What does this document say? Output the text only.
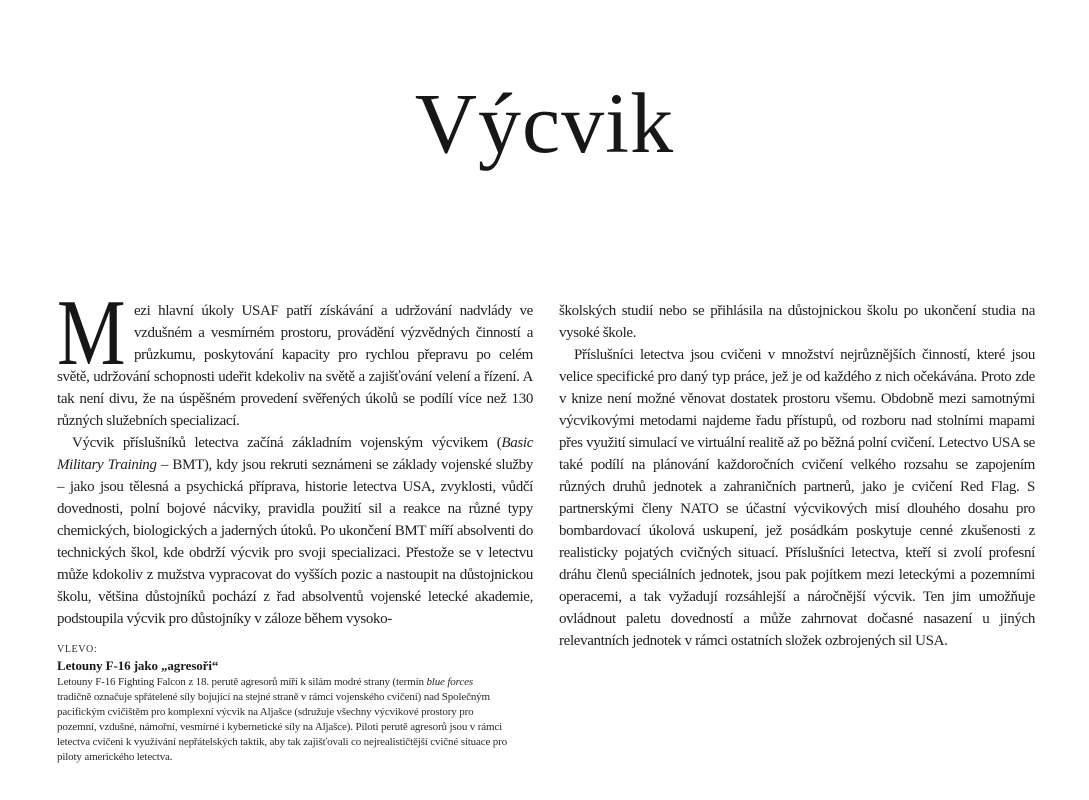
Výcvik

Mezi hlavní úkoly USAF patří získávání a udržování nadvlády ve vzdušném a vesmírném prostoru, provádění výzvědných činností a průzkumu, poskytování kapacity pro rychlou přepravu po celém světě, udržování schopnosti udeřit kdekoliv na světě a zajišťování velení a řízení. A tak není divu, že na úspěšném provedení svěřených úkolů se podílí více než 130 různých služebních specializací.

Výcvik příslušníků letectva začíná základním vojenským výcvikem (Basic Military Training – BMT), kdy jsou rekruti seznámeni se základy vojenské služby – jako jsou tělesná a psychická příprava, historie letectva USA, zvyklosti, vůdčí dovednosti, polní bojové nácviky, pravidla použití sil a reakce na různé typy chemických, biologických a jaderných útoků. Po ukončení BMT míří absolventi do technických škol, kde obdrží výcvik pro svoji specializaci. Přestože se v letectvu může kdokoliv z mužstva vypracovat do vyšších pozic a nastoupit na důstojnickou školu, většina důstojníků pochází z řad absolventů vojenské letecké akademie, podstoupila výcvik pro důstojníky v záloze během vysoko-

VLEVO:
Letouny F-16 jako „agresoři“

Letouny F-16 Fighting Falcon z 18. perutě agresorů míří k silám modré strany (termín blue forces tradičně označuje spřátelené síly bojující na stejné straně v rámci vojenského cvičení) nad Společným pacifickým cvičištěm pro komplexní výcvik na Aljašce (sdružuje všechny výcvikové prostory pro pozemní, vzdušné, námořní, vesmírné i kybernetické síly na Aljašce). Piloti perutě agresorů jsou v rámci letectva cvičeni k využívání nepřátelských taktik, aby tak zajišťovali co nejrealističtější cvičné situace pro piloty amerického letectva.

školských studií nebo se přihlásila na důstojnickou školu po ukončení studia na vysoké škole.

Příslušníci letectva jsou cvičeni v množství nejrůznějších činností, které jsou velice specifické pro daný typ práce, jež je od každého z nich očekávána. Proto zde v knize není možné věnovat dostatek prostoru všemu. Obdobně mezi samotnými výcvikovými metodami najdeme řadu přístupů, od rozboru nad stolními mapami přes využití simulací ve virtuální realitě až po běžná polní cvičení. Letectvo USA se také podílí na plánování každoročních cvičení velkého rozsahu se zapojením různých druhů jednotek a zahraničních partnerů, jako je cvičení Red Flag. S partnerskými členy NATO se účastní výcvikových misí dlouhého dosahu pro bombardovací úkolová uskupení, jež posádkám poskytuje cenné zkušenosti z realisticky pojatých cvičných situací. Příslušníci letectva, kteří si zvolí profesní dráhu členů speciálních jednotek, jsou pak pojítkem mezi leteckými a pozemními operacemi, a tak vyžadují rozsáhlejší a náročnější výcvik. Ten jim umožňuje ovládnout paletu dovedností a může zahrnovat dočasné nasazení u jiných relevantních jednotek v rámci ostatních složek ozbrojených sil USA.
